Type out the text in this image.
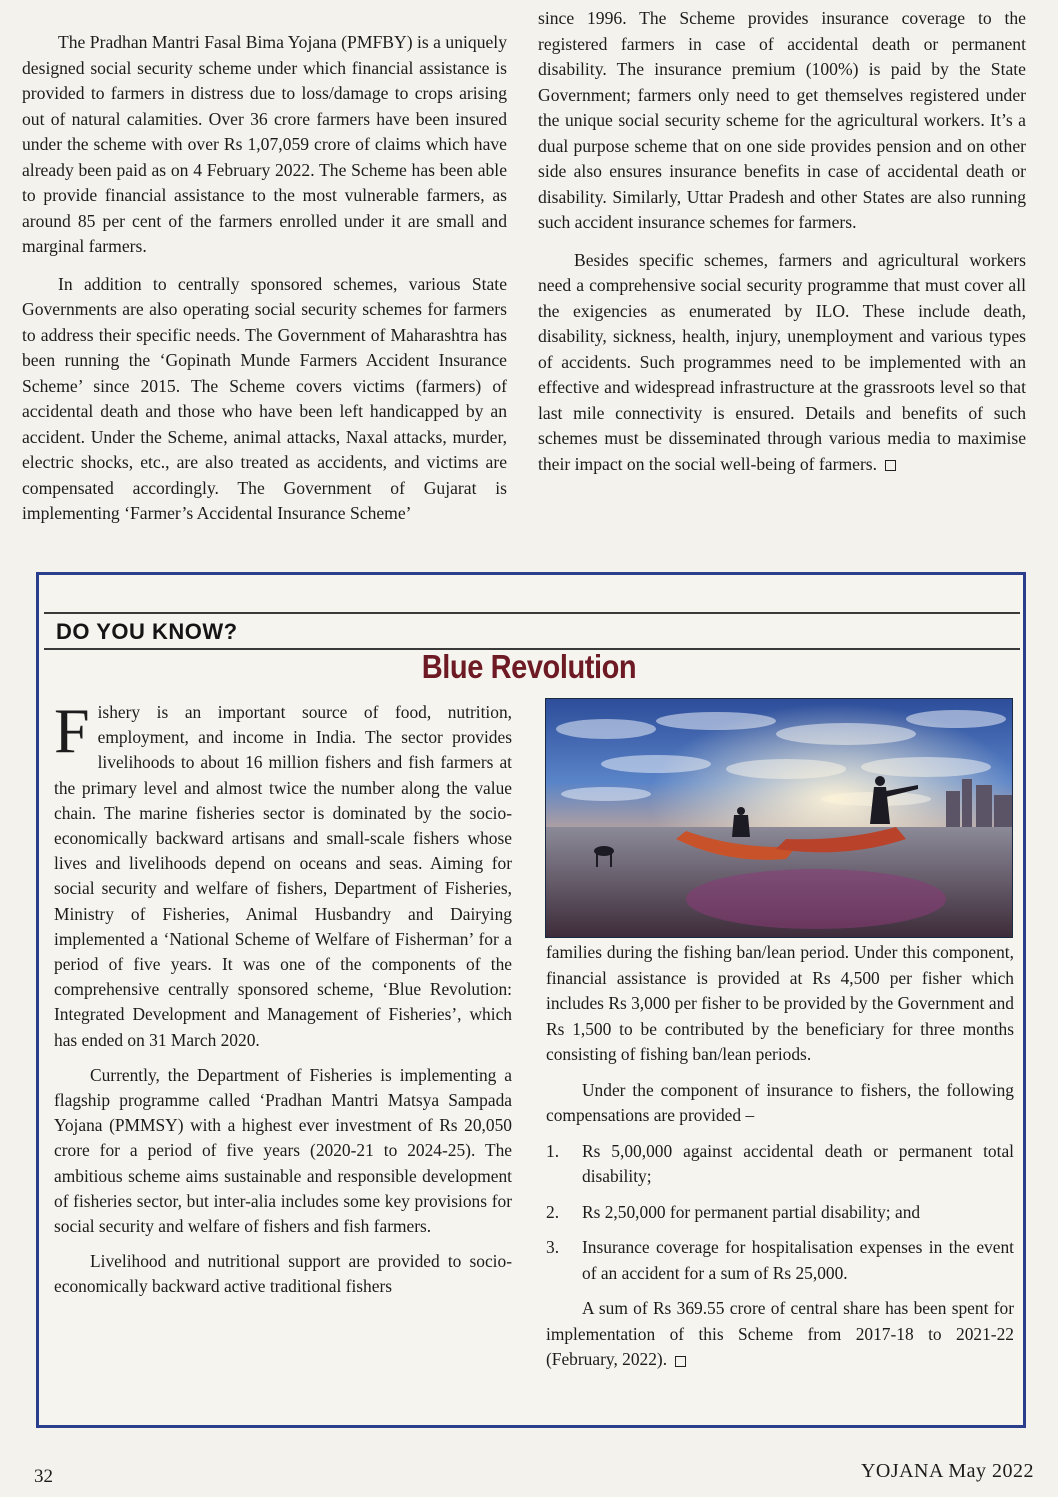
The Pradhan Mantri Fasal Bima Yojana (PMFBY) is a uniquely designed social security scheme under which financial assistance is provided to farmers in distress due to loss/damage to crops arising out of natural calamities. Over 36 crore farmers have been insured under the scheme with over Rs 1,07,059 crore of claims which have already been paid as on 4 February 2022. The Scheme has been able to provide financial assistance to the most vulnerable farmers, as around 85 per cent of the farmers enrolled under it are small and marginal farmers.

In addition to centrally sponsored schemes, various State Governments are also operating social security schemes for farmers to address their specific needs. The Government of Maharashtra has been running the ‘Gopinath Munde Farmers Accident Insurance Scheme’ since 2015. The Scheme covers victims (farmers) of accidental death and those who have been left handicapped by an accident. Under the Scheme, animal attacks, Naxal attacks, murder, electric shocks, etc., are also treated as accidents, and victims are compensated accordingly. The Government of Gujarat is implementing ‘Farmer’s Accidental Insurance Scheme’

since 1996. The Scheme provides insurance coverage to the registered farmers in case of accidental death or permanent disability. The insurance premium (100%) is paid by the State Government; farmers only need to get themselves registered under the unique social security scheme for the agricultural workers. It’s a dual purpose scheme that on one side provides pension and on other side also ensures insurance benefits in case of accidental death or disability. Similarly, Uttar Pradesh and other States are also running such accident insurance schemes for farmers.

Besides specific schemes, farmers and agricultural workers need a comprehensive social security programme that must cover all the exigencies as enumerated by ILO. These include death, disability, sickness, health, injury, unemployment and various types of accidents. Such programmes need to be implemented with an effective and widespread infrastructure at the grassroots level so that last mile connectivity is ensured. Details and benefits of such schemes must be disseminated through various media to maximise their impact on the social well-being of farmers.

DO YOU KNOW?
Blue Revolution

Fishery is an important source of food, nutrition, employment, and income in India. The sector provides livelihoods to about 16 million fishers and fish farmers at the primary level and almost twice the number along the value chain. The marine fisheries sector is dominated by the socio-economically backward artisans and small-scale fishers whose lives and livelihoods depend on oceans and seas. Aiming for social security and welfare of fishers, Department of Fisheries, Ministry of Fisheries, Animal Husbandry and Dairying implemented a ‘National Scheme of Welfare of Fisherman’ for a period of five years. It was one of the components of the comprehensive centrally sponsored scheme, ‘Blue Revolution: Integrated Development and Management of Fisheries’, which has ended on 31 March 2020.

Currently, the Department of Fisheries is implementing a flagship programme called ‘Pradhan Mantri Matsya Sampada Yojana (PMMSY) with a highest ever investment of Rs 20,050 crore for a period of five years (2020-21 to 2024-25). The ambitious scheme aims sustainable and responsible development of fisheries sector, but inter-alia includes some key provisions for social security and welfare of fishers and fish farmers.

Livelihood and nutritional support are provided to socio-economically backward active traditional fishers

families during the fishing ban/lean period. Under this component, financial assistance is provided at Rs 4,500 per fisher which includes Rs 3,000 per fisher to be provided by the Government and Rs 1,500 to be contributed by the beneficiary for three months consisting of fishing ban/lean periods.

Under the component of insurance to fishers, the following compensations are provided –

1.	Rs 5,00,000 against accidental death or permanent total disability;
2.	Rs 2,50,000 for permanent partial disability; and
3.	Insurance coverage for hospitalisation expenses in the event of an accident for a sum of Rs 25,000.

A sum of Rs 369.55 crore of central share has been spent for implementation of this Scheme from 2017-18 to 2021-22 (February, 2022).

32	YOJANA May 2022
